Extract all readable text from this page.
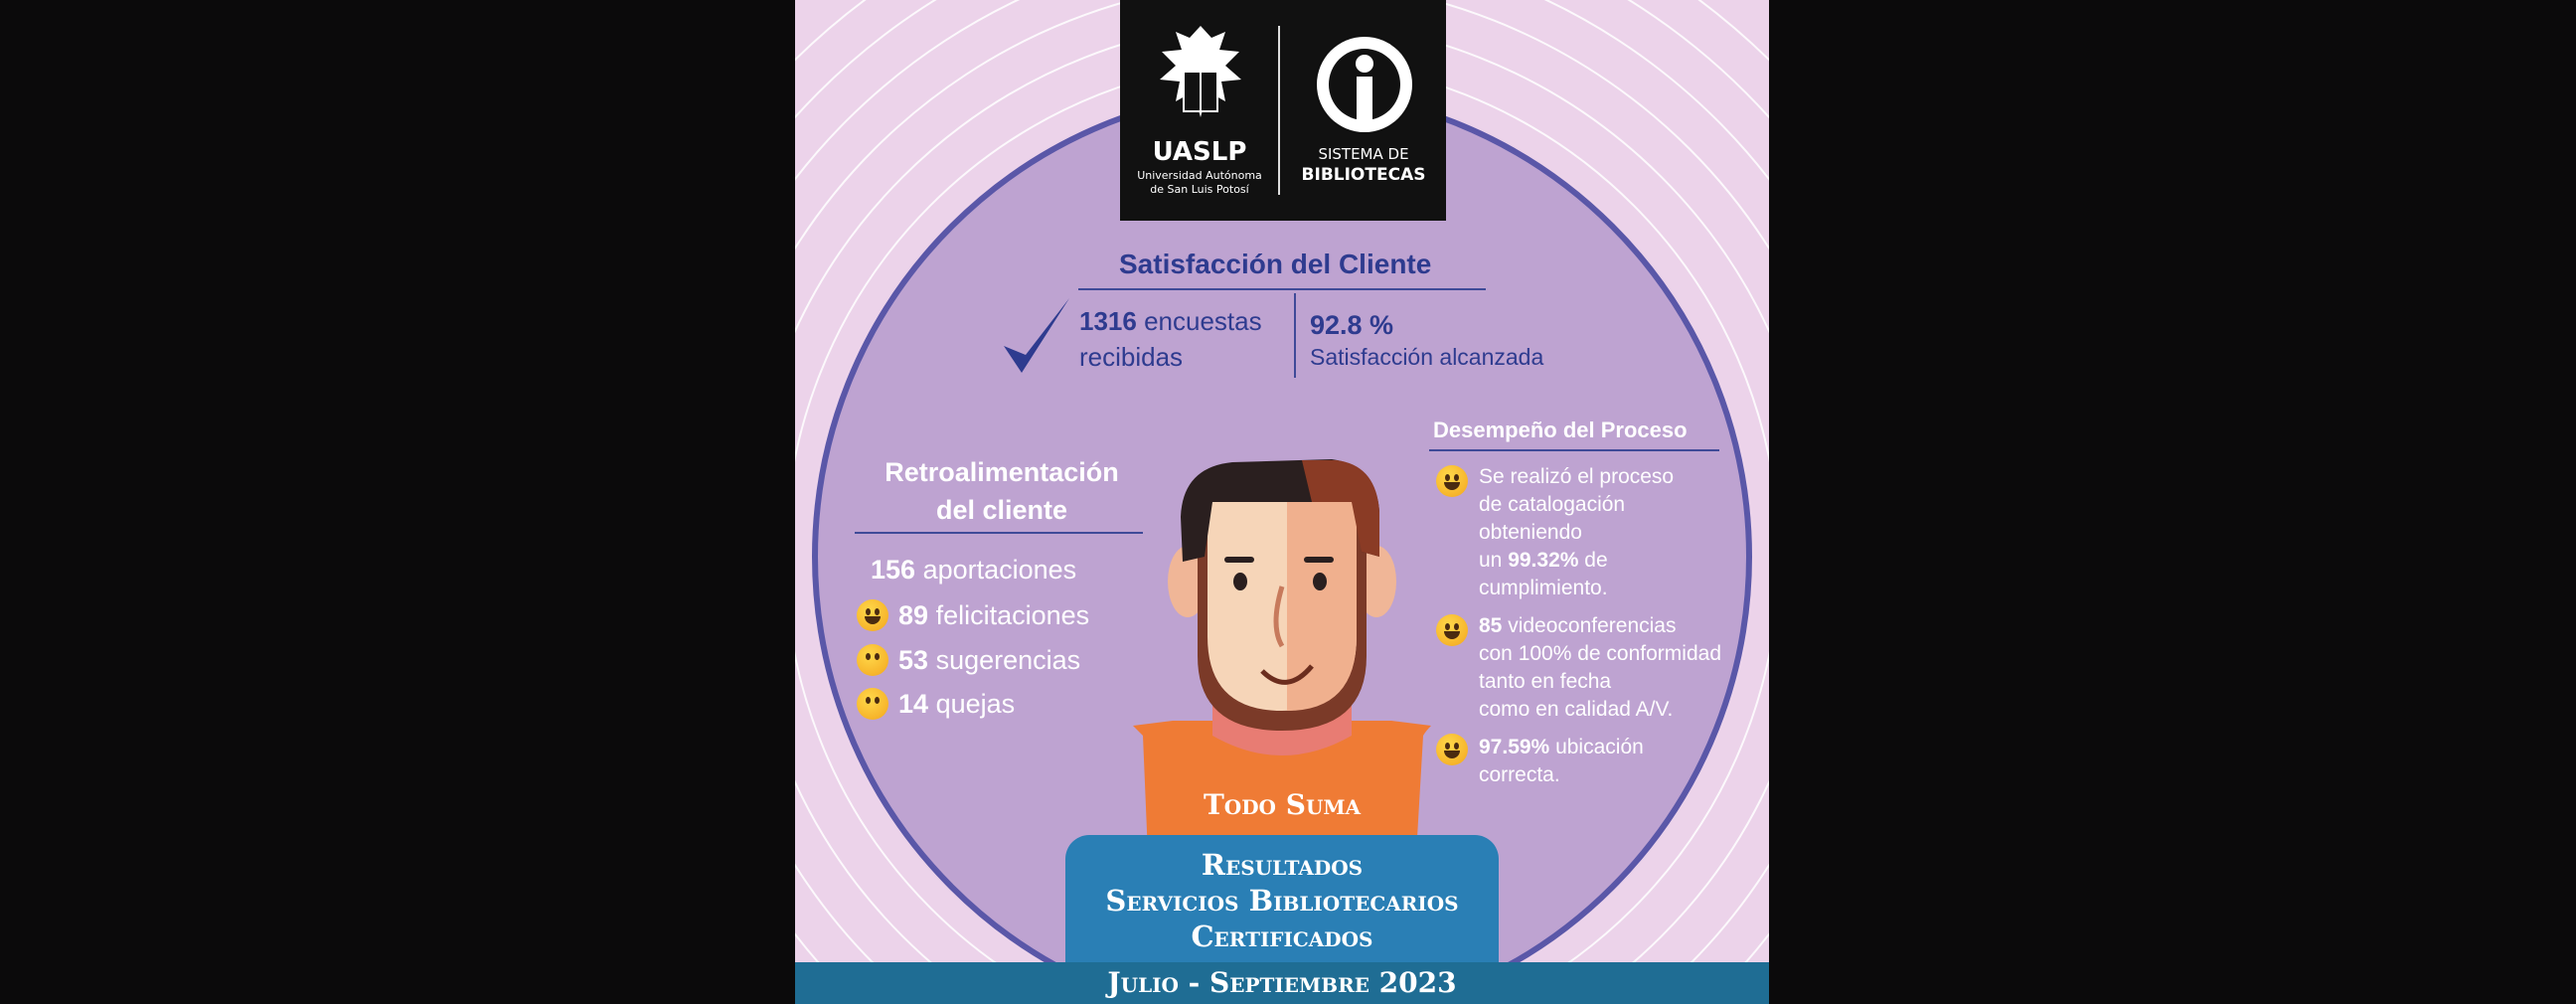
UASLP
Universidad Autónoma
de San Luis Potosí
SISTEMA DE
BIBLIOTECAS
Satisfacción del Cliente
1316 encuestas
recibidas
92.8 %
Satisfacción alcanzada
Retroalimentación
del cliente
156 aportaciones
89 felicitaciones
53 sugerencias
14 quejas
Desempeño del Proceso
Se realizó el proceso
de catalogación
obteniendo
un 99.32% de
cumplimiento.
85 videoconferencias
con 100% de conformidad
tanto en fecha
como en calidad A/V.
97.59% ubicación
correcta.
Todo Suma
Resultados
Servicios Bibliotecarios
Certificados
Julio - Septiembre 2023
